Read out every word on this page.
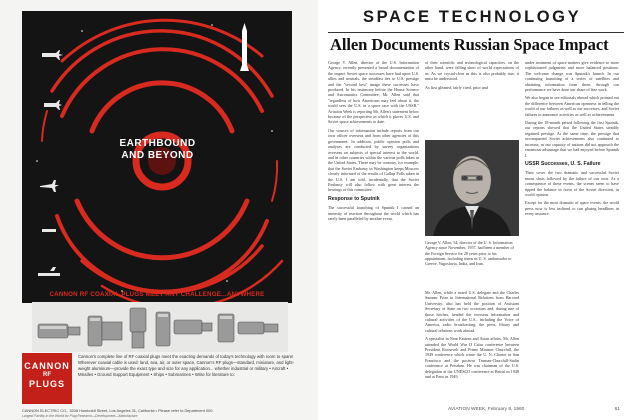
EARTHBOUND
AND BEYOND
CANNON RF COAXIAL PLUGS MEET ANY CHALLENGE...ANYWHERE
CANNON
RF
PLUGS
Cannon's complete line of RF coaxial plugs meet the exacting demands of today's technology with room to spare! Wherever coaxial cable is used: land, sea, air, or outer space, Cannon's RF plugs—standard, miniature, and light-weight aluminum—provide the exact type and size for any application... whether industrial or military • Aircraft • Missiles • Ground Support Equipment • Ships • Submarines • Write for literature to:
CANNON ELECTRIC CO., 3208 Humboldt Street, Los Angeles 31, California • Please refer to Department 000.
Largest Facility in the World for Plug Research—Development—Manufacture
SPACE TECHNOLOGY
Allen Documents Russian Space Impact

George V. Allen, director of the U.S. Information Agency, recently presented a broad documentation of the impact Soviet space successes have had upon U.S. allies and neutrals, the steadfast ties to U.S. prestige and the "second best" image these successes have produced. In his testimony before the House Science and Astronautics Committee, Mr. Allen said that "regardless of how Americans may feel about it, the world sees the U.S. in a space race with the USSR." Aviation Week is reporting Mr. Allen's statement below because of the perspective in which it places U.S. and Soviet space achievements to date.

Our sources of information include reports from our own officer overseas and from other agencies of this government. In addition, public opinion polls and analyses are conducted by survey organizations overseas on subjects of special interest to the world, and in other countries within the various polls taken in the United States. These may be contrary, for example, that the Soviet Embassy in Washington keeps Moscow closely informed of the results of Gallup Polls taken in the U.S. I am told, incidentally, that the Soviet Embassy will also follow with great interest the hearings of this committee.

Response to Sputnik

The successful launching of Sputnik I caused an intensity of reaction throughout the world which has rarely been paralleled by another event.

of their scientific and technological capacities, on the other hand, were falling short of world expectations of us. As we crystal-clear as this is also probably true, it must be understood.

As first gleaned, fairly cited, prior and

George V. Allen, 54, director of the U. S. Information Agency since November, 1957, had been a member of the Foreign Service for 28 years prior to his appointment, including terms as U. S. ambassador to Greece, Yugoslavia, India, and Iran.

Mr. Allen, while a noted U.S. delegate and the Charles Sumner Prize in International Relations from Harvard University, also has held the position of Assistant Secretary of State on two occasions and, during one of those hitches, headed the overseas information and cultural activities of the U.S., including the Voice of America, radio broadcasting, the press, library and cultural relations work abroad.

A specialist in Near Eastern and Asian affairs, Mr. Allen attended the World War II Cairo conference between President Roosevelt and Prime Minister Churchill, the 1949 conference which wrote the U. N. Charter in San Francisco and the postwar Truman-Churchill-Stalin conference at Potsdam. He was chairman of the U.S. delegation at the UNESCO conference at Beirut in 1948 and at Paris in 1949.

under treatment of space matters give evidence to more sophisticated judgments and more balanced positions. The welcome change was Sputnik's launch. In our continuing launching of a series of satellites and obtaining information from these, through our performance we have done our share of fine work.

We also began to see editorials abroad which pointed out the difference between American openness in telling the world of our failures as well as our successes, and Soviet failures to announce activities as well as achievements.

During the 18-month period following the first Sputnik, our reports showed that the United States steadily regained prestige. At the same time, the prestige that accompanied Soviet achievements also continued to increase, as our capacity of nations did not approach the enormous advantage that we had enjoyed before Sputnik I.

USSR Successes, U. S. Failure

Their cover the two dramatic and successful Soviet moon shots followed by the failure of our own. As a consequence of these events, the scenes seem to have tipped the balance in favor of the Soviet direction, in world opinion.

Except for the most dramatic of space events, the world press now is less inclined to run glaring headlines in every instance.

AVIATION WEEK, February 8, 1960	61
